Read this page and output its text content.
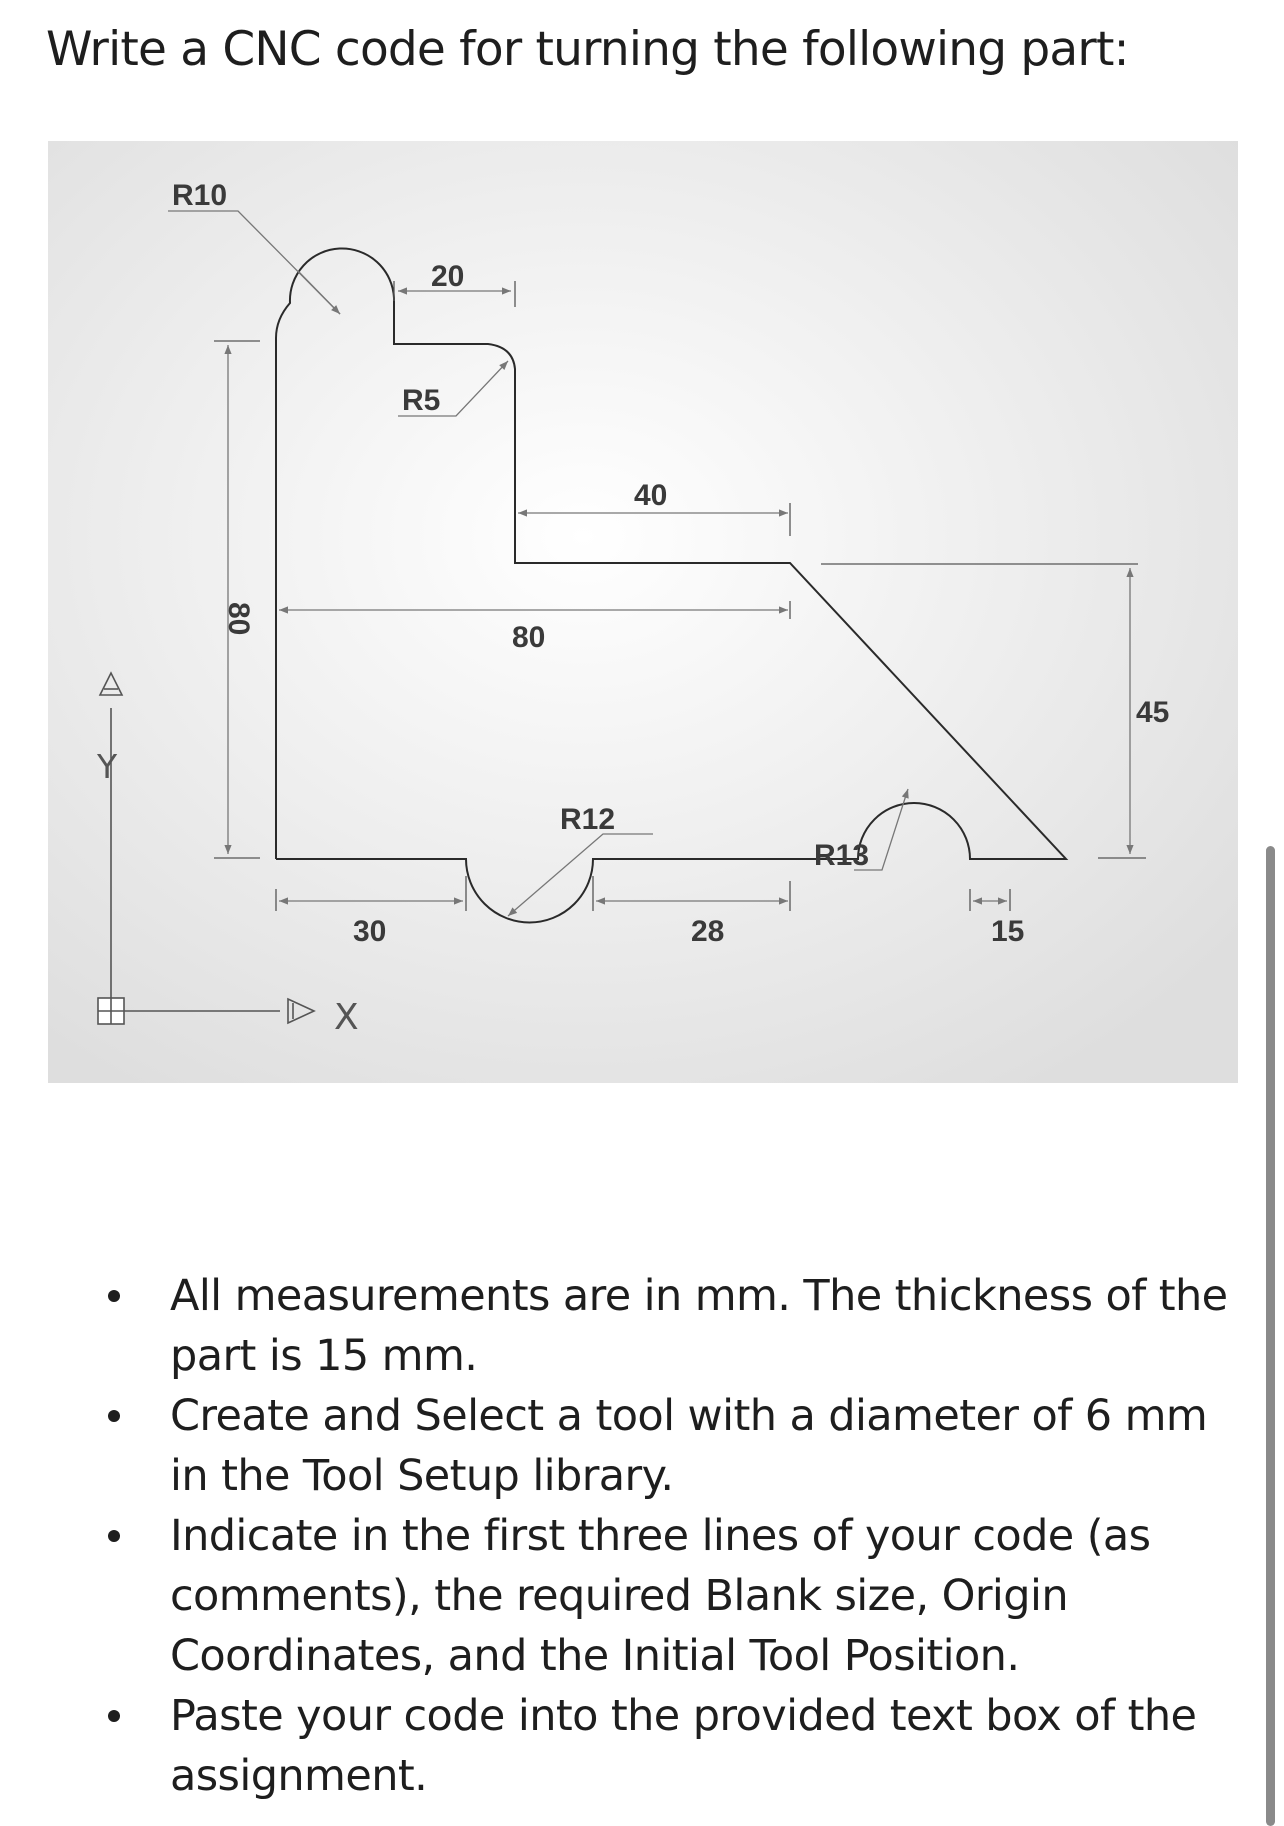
Write a CNC code for turning the following part:
R10
20
R5
40
80
80
45
R12
R13
30	28	15
Y
X
All measurements are in mm. The thickness of the part is 15 mm.
Create and Select a tool with a diameter of 6 mm in the Tool Setup library.
Indicate in the first three lines of your code (as comments), the required Blank size, Origin Coordinates, and the Initial Tool Position.
Paste your code into the provided text box of the assignment.
